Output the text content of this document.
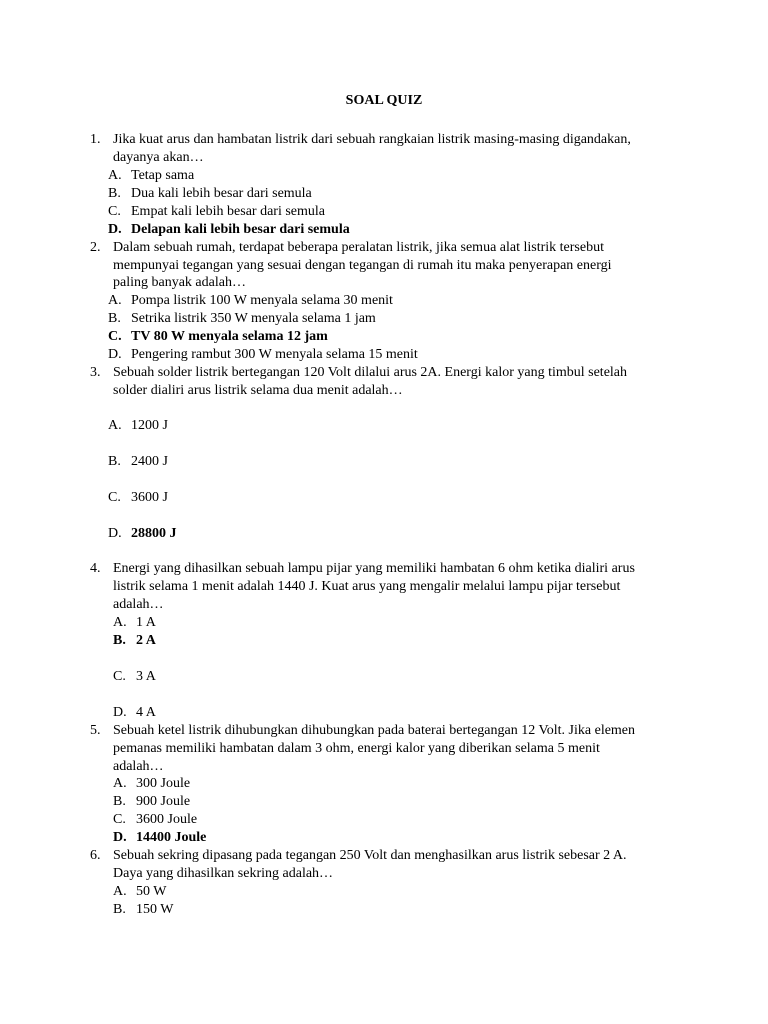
SOAL QUIZ
1. Jika kuat arus dan hambatan listrik dari sebuah rangkaian listrik masing-masing digandakan,
dayanya akan…
A. Tetap sama
B. Dua kali lebih besar dari semula
C. Empat kali lebih besar dari semula
D. Delapan kali lebih besar dari semula
2. Dalam sebuah rumah, terdapat beberapa peralatan listrik, jika semua alat listrik tersebut
mempunyai tegangan yang sesuai dengan tegangan di rumah itu maka penyerapan energi
paling banyak adalah…
A. Pompa listrik 100 W menyala selama 30 menit
B. Setrika listrik 350 W menyala selama 1 jam
C. TV 80 W menyala selama 12 jam
D. Pengering rambut 300 W menyala selama 15 menit
3. Sebuah solder listrik bertegangan 120 Volt dilalui arus 2A. Energi kalor yang timbul setelah
solder dialiri arus listrik selama dua menit adalah…
A. 1200 J
B. 2400 J
C. 3600 J
D. 28800 J
4. Energi yang dihasilkan sebuah lampu pijar yang memiliki hambatan 6 ohm ketika dialiri arus
listrik selama 1 menit adalah 1440 J. Kuat arus yang mengalir melalui lampu pijar tersebut
adalah…
A. 1 A
B. 2 A
C. 3 A
D. 4 A
5. Sebuah ketel listrik dihubungkan dihubungkan pada baterai bertegangan 12 Volt. Jika elemen
pemanas memiliki hambatan dalam 3 ohm, energi kalor yang diberikan selama 5 menit
adalah…
A. 300 Joule
B. 900 Joule
C. 3600 Joule
D. 14400 Joule
6. Sebuah sekring dipasang pada tegangan 250 Volt dan menghasilkan arus listrik sebesar 2 A.
Daya yang dihasilkan sekring adalah…
A. 50 W
B. 150 W
